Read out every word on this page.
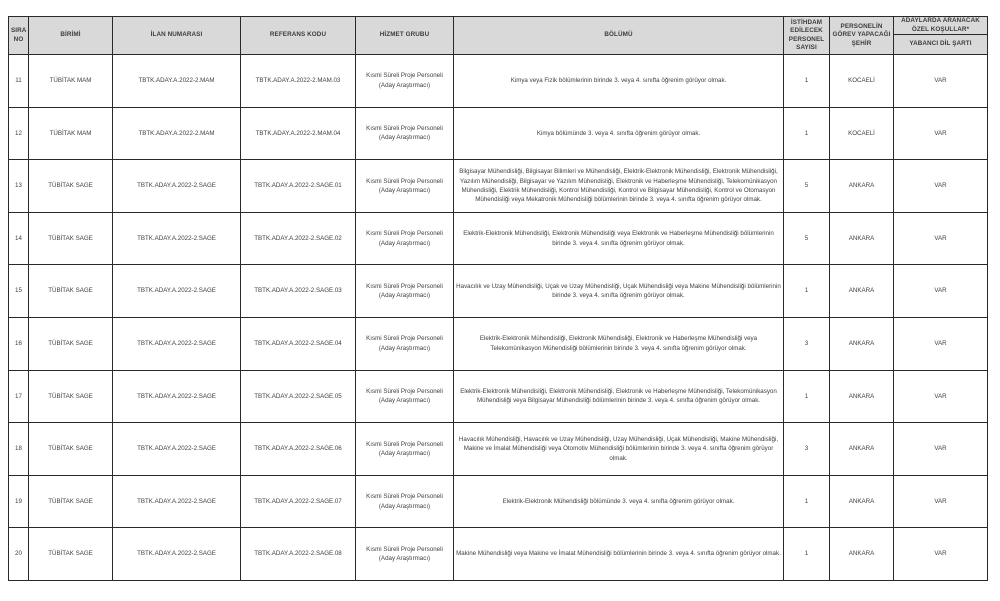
SIRA NO	BİRİMİ	İLAN NUMARASI	REFERANS KODU	HİZMET GRUBU	BÖLÜMÜ	İSTİHDAM EDİLECEK PERSONEL SAYISI	PERSONELİN GÖREV YAPACAĞI ŞEHİR	ADAYLARDA ARANACAK ÖZEL KOŞULLAR*
								YABANCI DİL ŞARTI
11	TÜBİTAK MAM	TBTK.ADAY.A.2022-2.MAM	TBTK.ADAY.A.2022-2.MAM.03	Kısmi Süreli Proje Personeli (Aday Araştırmacı)	Kimya veya Fizik bölümlerinin birinde 3. veya 4. sınıfta öğrenim görüyor olmak.	1	KOCAELİ	VAR
12	TÜBİTAK MAM	TBTK.ADAY.A.2022-2.MAM	TBTK.ADAY.A.2022-2.MAM.04	Kısmi Süreli Proje Personeli (Aday Araştırmacı)	Kimya bölümünde 3. veya 4. sınıfta öğrenim görüyor olmak.	1	KOCAELİ	VAR
13	TÜBİTAK SAGE	TBTK.ADAY.A.2022-2.SAGE	TBTK.ADAY.A.2022-2.SAGE.01	Kısmi Süreli Proje Personeli (Aday Araştırmacı)	Bilgisayar Mühendisliği, Bilgisayar Bilimleri ve Mühendisliği, Elektrik-Elektronik Mühendisliği, Elektronik Mühendisliği, Yazılım Mühendisliği, Bilgisayar ve Yazılım Mühendisliği, Elektronik ve Haberleşme Mühendisliği, Telekomünikasyon Mühendisliği, Elektrik Mühendisliği, Kontrol Mühendisliği, Kontrol ve Bilgisayar Mühendisliği, Kontrol ve Otomasyon Mühendisliği veya Mekatronik Mühendisliği bölümlerinin birinde 3. veya 4. sınıfta öğrenim görüyor olmak.	5	ANKARA	VAR
14	TÜBİTAK SAGE	TBTK.ADAY.A.2022-2.SAGE	TBTK.ADAY.A.2022-2.SAGE.02	Kısmi Süreli Proje Personeli (Aday Araştırmacı)	Elektrik-Elektronik Mühendisliği, Elektronik Mühendisliği veya Elektronik ve Haberleşme Mühendisliği bölümlerinin birinde 3. veya 4. sınıfta öğrenim görüyor olmak.	5	ANKARA	VAR
15	TÜBİTAK SAGE	TBTK.ADAY.A.2022-2.SAGE	TBTK.ADAY.A.2022-2.SAGE.03	Kısmi Süreli Proje Personeli (Aday Araştırmacı)	Havacılık ve Uzay Mühendisliği, Uçak ve Uzay Mühendisliği, Uçak Mühendisliği veya Makine Mühendisliği bölümlerinin birinde 3. veya 4. sınıfta öğrenim görüyor olmak.	1	ANKARA	VAR
16	TÜBİTAK SAGE	TBTK.ADAY.A.2022-2.SAGE	TBTK.ADAY.A.2022-2.SAGE.04	Kısmi Süreli Proje Personeli (Aday Araştırmacı)	Elektrik-Elektronik Mühendisliği, Elektronik Mühendisliği, Elektronik ve Haberleşme Mühendisliği veya Telekomünikasyon Mühendisliği bölümlerinin birinde 3. veya 4. sınıfta öğrenim görüyor olmak.	3	ANKARA	VAR
17	TÜBİTAK SAGE	TBTK.ADAY.A.2022-2.SAGE	TBTK.ADAY.A.2022-2.SAGE.05	Kısmi Süreli Proje Personeli (Aday Araştırmacı)	Elektrik-Elektronik Mühendisliği, Elektronik Mühendisliği, Elektronik ve Haberleşme Mühendisliği, Telekomünikasyon Mühendisliği veya Bilgisayar Mühendisliği bölümlerinin birinde 3. veya 4. sınıfta öğrenim görüyor olmak.	1	ANKARA	VAR
18	TÜBİTAK SAGE	TBTK.ADAY.A.2022-2.SAGE	TBTK.ADAY.A.2022-2.SAGE.06	Kısmi Süreli Proje Personeli (Aday Araştırmacı)	Havacılık Mühendisliği, Havacılık ve Uzay Mühendisliği, Uzay Mühendisliği, Uçak Mühendisliği, Makine Mühendisliği, Makine ve İmalat Mühendisliği veya Otomotiv Mühendisliği bölümlerinin birinde 3. veya 4. sınıfta öğrenim görüyor olmak.	3	ANKARA	VAR
19	TÜBİTAK SAGE	TBTK.ADAY.A.2022-2.SAGE	TBTK.ADAY.A.2022-2.SAGE.07	Kısmi Süreli Proje Personeli (Aday Araştırmacı)	Elektrik-Elektronik Mühendisliği bölümünde 3. veya 4. sınıfta öğrenim görüyor olmak.	1	ANKARA	VAR
20	TÜBİTAK SAGE	TBTK.ADAY.A.2022-2.SAGE	TBTK.ADAY.A.2022-2.SAGE.08	Kısmi Süreli Proje Personeli (Aday Araştırmacı)	Makine Mühendisliği veya Makine ve İmalat Mühendisliği bölümlerinin birinde 3. veya 4. sınıfta öğrenim görüyor olmak.	1	ANKARA	VAR
